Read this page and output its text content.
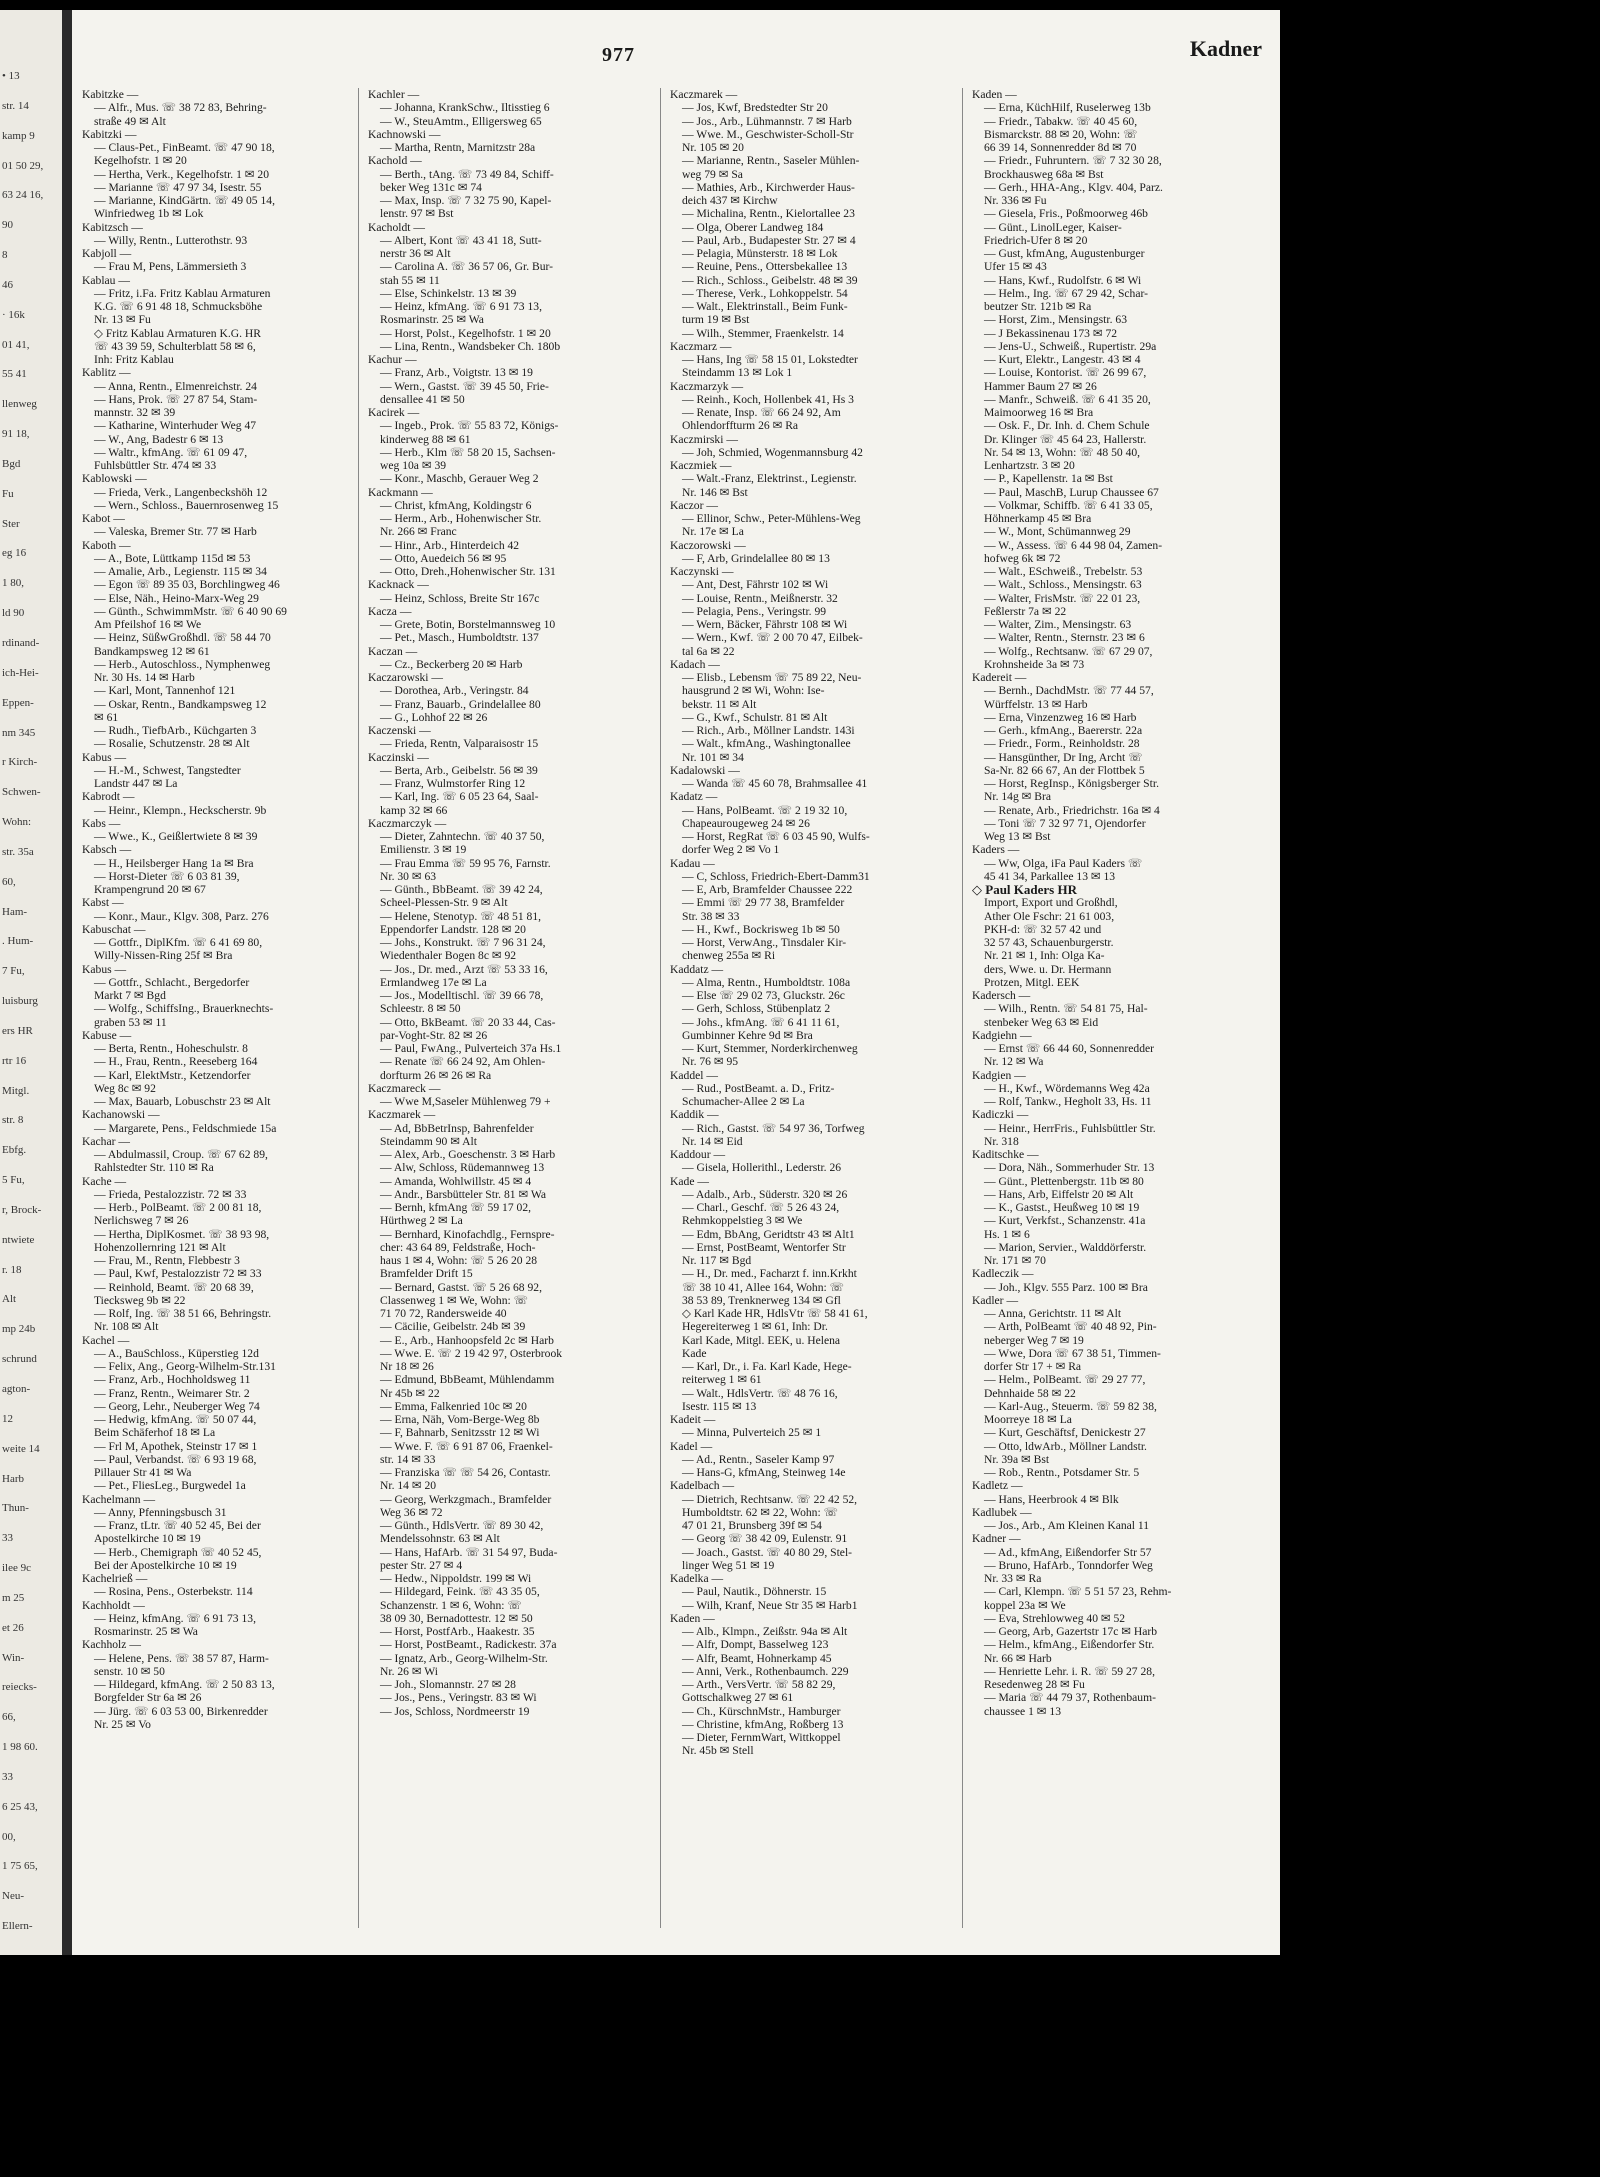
• 13
str. 14
kamp 9
01 50 29,
63 24 16,
90
8
46
· 16k
01 41,
55 41
llenweg
91 18,
Bgd
Fu
Ster
eg 16
1 80,
ld 90
rdinand-
ich-Hei-
Eppen-
nm 345
r Kirch-
Schwen-
Wohn:
str. 35a
60,
Ham-
. Hum-
7 Fu,
luisburg
ers HR
rtr 16
Mitgl.
str. 8
Ebfg.
5 Fu,
r, Brock-
ntwiete
r. 18
Alt
mp 24b
schrund
agton-
12
weite 14
Harb
Thun-
33
ilee 9c
m 25
et 26
Win-
reiecks-
66,
1 98 60.
33
6 25 43,
00,
1 75 65,
Neu-
Ellern-
977	Kadner
Kabitzke —
— Alfr., Mus. ☏ 38 72 83, Behring-
straße 49 ✉ Alt
Kabitzki —
— Claus-Pet., FinBeamt. ☏ 47 90 18,
Kegelhofstr. 1 ✉ 20
— Hertha, Verk., Kegelhofstr. 1 ✉ 20
— Marianne ☏ 47 97 34, Isestr. 55
— Marianne, KindGärtn. ☏ 49 05 14,
Winfriedweg 1b ✉ Lok
Kabitzsch —
— Willy, Rentn., Lutterothstr. 93
Kabjoll —
— Frau M, Pens, Lämmersieth 3
Kablau —
— Fritz, i.Fa. Fritz Kablau Armaturen
K.G. ☏ 6 91 48 18, Schmucksböhe
Nr. 13 ✉ Fu
◇ Fritz Kablau Armaturen K.G. HR
☏ 43 39 59, Schulterblatt 58 ✉ 6,
Inh: Fritz Kablau
Kablitz —
— Anna, Rentn., Elmenreichstr. 24
— Hans, Prok. ☏ 27 87 54, Stam-
mannstr. 32 ✉ 39
— Katharine, Winterhuder Weg 47
— W., Ang, Badestr 6 ✉ 13
— Waltr., kfmAng. ☏ 61 09 47,
Fuhlsbüttler Str. 474 ✉ 33
Kablowski —
— Frieda, Verk., Langenbeckshöh 12
— Wern., Schloss., Bauernrosenweg 15
Kabot —
— Valeska, Bremer Str. 77 ✉ Harb
Kaboth —
— A., Bote, Lüttkamp 115d ✉ 53
— Amalie, Arb., Legienstr. 115 ✉ 34
— Egon ☏ 89 35 03, Borchlingweg 46
— Else, Näh., Heino-Marx-Weg 29
— Günth., SchwimmMstr. ☏ 6 40 90 69
Am Pfeilshof 16 ✉ We
— Heinz, SüßwGroßhdl. ☏ 58 44 70
Bandkampsweg 12 ✉ 61
— Herb., Autoschloss., Nymphenweg
Nr. 30 Hs. 14 ✉ Harb
— Karl, Mont, Tannenhof 121
— Oskar, Rentn., Bandkampsweg 12
✉ 61
— Rudh., TiefbArb., Küchgarten 3
— Rosalie, Schutzenstr. 28 ✉ Alt
Kabus —
— H.-M., Schwest, Tangstedter
Landstr 447 ✉ La
Kabrodt —
— Heinr., Klempn., Heckscherstr. 9b
Kabs —
— Wwe., K., Geißlertwiete 8 ✉ 39
Kabsch —
— H., Heilsberger Hang 1a ✉ Bra
— Horst-Dieter ☏ 6 03 81 39,
Krampengrund 20 ✉ 67
Kabst —
— Konr., Maur., Klgv. 308, Parz. 276
Kabuschat —
— Gottfr., DiplKfm. ☏ 6 41 69 80,
Willy-Nissen-Ring 25f ✉ Bra
Kabus —
— Gottfr., Schlacht., Bergedorfer
Markt 7 ✉ Bgd
— Wolfg., SchiffsIng., Brauerknechts-
graben 53 ✉ 11
Kabuse —
— Berta, Rentn., Hoheschulstr. 8
— H., Frau, Rentn., Reeseberg 164
— Karl, ElektMstr., Ketzendorfer
Weg 8c ✉ 92
— Max, Bauarb, Lobuschstr 23 ✉ Alt
Kachanowski —
— Margarete, Pens., Feldschmiede 15a
Kachar —
— Abdulmassil, Croup. ☏ 67 62 89,
Rahlstedter Str. 110 ✉ Ra
Kache —
— Frieda, Pestalozzistr. 72 ✉ 33
— Herb., PolBeamt. ☏ 2 00 81 18,
Nerlichsweg 7 ✉ 26
— Hertha, DiplKosmet. ☏ 38 93 98,
Hohenzollernring 121 ✉ Alt
— Frau, M., Rentn, Flebbestr 3
— Paul, Kwf, Pestalozzistr 72 ✉ 33
— Reinhold, Beamt. ☏ 20 68 39,
Tiecksweg 9b ✉ 22
— Rolf, Ing. ☏ 38 51 66, Behringstr.
Nr. 108 ✉ Alt
Kachel —
— A., BauSchloss., Küperstieg 12d
— Felix, Ang., Georg-Wilhelm-Str.131
— Franz, Arb., Hochholdsweg 11
— Franz, Rentn., Weimarer Str. 2
— Georg, Lehr., Neuberger Weg 74
— Hedwig, kfmAng. ☏ 50 07 44,
Beim Schäferhof 18 ✉ La
— Frl M, Apothek, Steinstr 17 ✉ 1
— Paul, Verbandst. ☏ 6 93 19 68,
Pillauer Str 41 ✉ Wa
— Pet., FliesLeg., Burgwedel 1a
Kachelmann —
— Anny, Pfenningsbusch 31
— Franz, tLtr. ☏ 40 52 45, Bei der
Apostelkirche 10 ✉ 19
— Herb., Chemigraph ☏ 40 52 45,
Bei der Apostelkirche 10 ✉ 19
Kachelrieß —
— Rosina, Pens., Osterbekstr. 114
Kachholdt —
— Heinz, kfmAng. ☏ 6 91 73 13,
Rosmarinstr. 25 ✉ Wa
Kachholz —
— Helene, Pens. ☏ 38 57 87, Harm-
senstr. 10 ✉ 50
— Hildegard, kfmAng. ☏ 2 50 83 13,
Borgfelder Str 6a ✉ 26
— Jürg. ☏ 6 03 53 00, Birkenredder
Nr. 25 ✉ Vo
Kachler —
— Johanna, KrankSchw., Iltisstieg 6
— W., SteuAmtm., Elligersweg 65
Kachnowski —
— Martha, Rentn, Marnitzstr 28a
Kachold —
— Berth., tAng. ☏ 73 49 84, Schiff-
beker Weg 131c ✉ 74
— Max, Insp. ☏ 7 32 75 90, Kapel-
lenstr. 97 ✉ Bst
Kacholdt —
— Albert, Kont ☏ 43 41 18, Sutt-
nerstr 36 ✉ Alt
— Carolina A. ☏ 36 57 06, Gr. Bur-
stah 55 ✉ 11
— Else, Schinkelstr. 13 ✉ 39
— Heinz, kfmAng. ☏ 6 91 73 13,
Rosmarinstr. 25 ✉ Wa
— Horst, Polst., Kegelhofstr. 1 ✉ 20
— Lina, Rentn., Wandsbeker Ch. 180b
Kachur —
— Franz, Arb., Voigtstr. 13 ✉ 19
— Wern., Gastst. ☏ 39 45 50, Frie-
densallee 41 ✉ 50
Kacirek —
— Ingeb., Prok. ☏ 55 83 72, Königs-
kinderweg 88 ✉ 61
— Herb., Klm ☏ 58 20 15, Sachsen-
weg 10a ✉ 39
— Konr., Maschb, Gerauer Weg 2
Kackmann —
— Christ, kfmAng, Koldingstr 6
— Herm., Arb., Hohenwischer Str.
Nr. 266 ✉ Franc
— Hinr., Arb., Hinterdeich 42
— Otto, Auedeich 56 ✉ 95
— Otto, Dreh.,Hohenwischer Str. 131
Kacknack —
— Heinz, Schloss, Breite Str 167c
Kacza —
— Grete, Botin, Borstelmannsweg 10
— Pet., Masch., Humboldtstr. 137
Kaczan —
— Cz., Beckerberg 20 ✉ Harb
Kaczarowski —
— Dorothea, Arb., Veringstr. 84
— Franz, Bauarb., Grindelallee 80
— G., Lohhof 22 ✉ 26
Kaczenski —
— Frieda, Rentn, Valparaisostr 15
Kaczinski —
— Berta, Arb., Geibelstr. 56 ✉ 39
— Franz, Wulmstorfer Ring 12
— Karl, Ing. ☏ 6 05 23 64, Saal-
kamp 32 ✉ 66
Kaczmarczyk —
— Dieter, Zahntechn. ☏ 40 37 50,
Emilienstr. 3 ✉ 19
— Frau Emma ☏ 59 95 76, Farnstr.
Nr. 30 ✉ 63
— Günth., BbBeamt. ☏ 39 42 24,
Scheel-Plessen-Str. 9 ✉ Alt
— Helene, Stenotyp. ☏ 48 51 81,
Eppendorfer Landstr. 128 ✉ 20
— Johs., Konstrukt. ☏ 7 96 31 24,
Wiedenthaler Bogen 8c ✉ 92
— Jos., Dr. med., Arzt ☏ 53 33 16,
Ermlandweg 17e ✉ La
— Jos., Modelltischl. ☏ 39 66 78,
Schleestr. 8 ✉ 50
— Otto, BkBeamt. ☏ 20 33 44, Cas-
par-Voght-Str. 82 ✉ 26
— Paul, FwAng., Pulverteich 37a Hs.1
— Renate ☏ 66 24 92, Am Ohlen-
dorfturm 26 ✉ 26 ✉ Ra
Kaczmareck —
— Wwe M,Saseler Mühlenweg 79 +
Kaczmarek —
— Ad, BbBetrInsp, Bahrenfelder
Steindamm 90 ✉ Alt
— Alex, Arb., Goeschenstr. 3 ✉ Harb
— Alw, Schloss, Rüdemannweg 13
— Amanda, Wohlwillstr. 45 ✉ 4
— Andr., Barsbütteler Str. 81 ✉ Wa
— Bernh, kfmAng ☏ 59 17 02,
Hürthweg 2 ✉ La
— Bernhard, Kinofachdlg., Fernspre-
cher: 43 64 89, Feldstraße, Hoch-
haus 1 ✉ 4, Wohn: ☏ 5 26 20 28
Bramfelder Drift 15
— Bernard, Gastst. ☏ 5 26 68 92,
Classenweg 1 ✉ We, Wohn: ☏
71 70 72, Randersweide 40
— Cäcilie, Geibelstr. 24b ✉ 39
— E., Arb., Hanhoopsfeld 2c ✉ Harb
— Wwe. E. ☏ 2 19 42 97, Osterbrook
Nr 18 ✉ 26
— Edmund, BbBeamt, Mühlendamm
Nr 45b ✉ 22
— Emma, Falkenried 10c ✉ 20
— Erna, Näh, Vom-Berge-Weg 8b
— F, Bahnarb, Senitzsstr 12 ✉ Wi
— Wwe. F. ☏ 6 91 87 06, Fraenkel-
str. 14 ✉ 33
— Franziska ☏ ☏ 54 26, Contastr.
Nr. 14 ✉ 20
— Georg, Werkzgmach., Bramfelder
Weg 36 ✉ 72
— Günth., HdlsVertr. ☏ 89 30 42,
Mendelssohnstr. 63 ✉ Alt
— Hans, HafArb. ☏ 31 54 97, Buda-
pester Str. 27 ✉ 4
— Hedw., Nippoldstr. 199 ✉ Wi
— Hildegard, Feink. ☏ 43 35 05,
Schanzenstr. 1 ✉ 6, Wohn: ☏
38 09 30, Bernadottestr. 12 ✉ 50
— Horst, PostfArb., Haakestr. 35
— Horst, PostBeamt., Radickestr. 37a
— Ignatz, Arb., Georg-Wilhelm-Str.
Nr. 26 ✉ Wi
— Joh., Slomannstr. 27 ✉ 28
— Jos., Pens., Veringstr. 83 ✉ Wi
— Jos, Schloss, Nordmeerstr 19
Kaczmarek —
— Jos, Kwf, Bredstedter Str 20
— Jos., Arb., Lühmannstr. 7 ✉ Harb
— Wwe. M., Geschwister-Scholl-Str
Nr. 105 ✉ 20
— Marianne, Rentn., Saseler Mühlen-
weg 79 ✉ Sa
— Mathies, Arb., Kirchwerder Haus-
deich 437 ✉ Kirchw
— Michalina, Rentn., Kielortallee 23
— Olga, Oberer Landweg 184
— Paul, Arb., Budapester Str. 27 ✉ 4
— Pelagia, Münsterstr. 18 ✉ Lok
— Reuine, Pens., Ottersbekallee 13
— Rich., Schloss., Geibelstr. 48 ✉ 39
— Therese, Verk., Lohkoppelstr. 54
— Walt., Elektrinstall., Beim Funk-
turm 19 ✉ Bst
— Wilh., Stemmer, Fraenkelstr. 14
Kaczmarz —
— Hans, Ing ☏ 58 15 01, Lokstedter
Steindamm 13 ✉ Lok 1
Kaczmarzyk —
— Reinh., Koch, Hollenbek 41, Hs 3
— Renate, Insp. ☏ 66 24 92, Am
Ohlendorffturm 26 ✉ Ra
Kaczmirski —
— Joh, Schmied, Wogenmannsburg 42
Kaczmiek —
— Walt.-Franz, Elektrinst., Legienstr.
Nr. 146 ✉ Bst
Kaczor —
— Ellinor, Schw., Peter-Mühlens-Weg
Nr. 17e ✉ La
Kaczorowski —
— F, Arb, Grindelallee 80 ✉ 13
Kaczynski —
— Ant, Dest, Fährstr 102 ✉ Wi
— Louise, Rentn., Meißnerstr. 32
— Pelagia, Pens., Veringstr. 99
— Wern, Bäcker, Fährstr 108 ✉ Wi
— Wern., Kwf. ☏ 2 00 70 47, Eilbek-
tal 6a ✉ 22
Kadach —
— Elisb., Lebensm ☏ 75 89 22, Neu-
hausgrund 2 ✉ Wi, Wohn: Ise-
bekstr. 11 ✉ Alt
— G., Kwf., Schulstr. 81 ✉ Alt
— Rich., Arb., Möllner Landstr. 143i
— Walt., kfmAng., Washingtonallee
Nr. 101 ✉ 34
Kadalowski —
— Wanda ☏ 45 60 78, Brahmsallee 41
Kadatz —
— Hans, PolBeamt. ☏ 2 19 32 10,
Chapeaurougeweg 24 ✉ 26
— Horst, RegRat ☏ 6 03 45 90, Wulfs-
dorfer Weg 2 ✉ Vo 1
Kadau —
— C, Schloss, Friedrich-Ebert-Damm31
— E, Arb, Bramfelder Chaussee 222
— Emmi ☏ 29 77 38, Bramfelder
Str. 38 ✉ 33
— H., Kwf., Bockrisweg 1b ✉ 50
— Horst, VerwAng., Tinsdaler Kir-
chenweg 255a ✉ Ri
Kaddatz —
— Alma, Rentn., Humboldtstr. 108a
— Else ☏ 29 02 73, Gluckstr. 26c
— Gerh, Schloss, Stübenplatz 2
— Johs., kfmAng. ☏ 6 41 11 61,
Gumbinner Kehre 9d ✉ Bra
— Kurt, Stemmer, Norderkirchenweg
Nr. 76 ✉ 95
Kaddel —
— Rud., PostBeamt. a. D., Fritz-
Schumacher-Allee 2 ✉ La
Kaddik —
— Rich., Gastst. ☏ 54 97 36, Torfweg
Nr. 14 ✉ Eid
Kaddour —
— Gisela, Hollerithl., Lederstr. 26
Kade —
— Adalb., Arb., Süderstr. 320 ✉ 26
— Charl., Geschf. ☏ 5 26 43 24,
Rehmkoppelstieg 3 ✉ We
— Edm, BbAng, Geridtstr 43 ✉ Alt1
— Ernst, PostBeamt, Wentorfer Str
Nr. 117 ✉ Bgd
— H., Dr. med., Facharzt f. inn.Krkht
☏ 38 10 41, Allee 164, Wohn: ☏
38 53 89, Trenknerweg 134 ✉ Gfl
◇ Karl Kade HR, HdlsVtr ☏ 58 41 61,
Hegereiterweg 1 ✉ 61, Inh: Dr.
Karl Kade, Mitgl. EEK, u. Helena
Kade
— Karl, Dr., i. Fa. Karl Kade, Hege-
reiterweg 1 ✉ 61
— Walt., HdlsVertr. ☏ 48 76 16,
Isestr. 115 ✉ 13
Kadeit —
— Minna, Pulverteich 25 ✉ 1
Kadel —
— Ad., Rentn., Saseler Kamp 97
— Hans-G, kfmAng, Steinweg 14e
Kadelbach —
— Dietrich, Rechtsanw. ☏ 22 42 52,
Humboldtstr. 62 ✉ 22, Wohn: ☏
47 01 21, Brunsberg 39f ✉ 54
— Georg ☏ 38 42 09, Eulenstr. 91
— Joach., Gastst. ☏ 40 80 29, Stel-
linger Weg 51 ✉ 19
Kadelka —
— Paul, Nautik., Döhnerstr. 15
— Wilh, Kranf, Neue Str 35 ✉ Harb1
Kaden —
— Alb., Klmpn., Zeißstr. 94a ✉ Alt
— Alfr, Dompt, Basselweg 123
— Alfr, Beamt, Hohnerkamp 45
— Anni, Verk., Rothenbaumch. 229
— Arth., VersVertr. ☏ 58 82 29,
Gottschalkweg 27 ✉ 61
— Ch., KürschnMstr., Hamburger
— Christine, kfmAng, Roßberg 13
— Dieter, FernmWart, Wittkoppel
Nr. 45b ✉ Stell
Kaden —
— Erna, KüchHilf, Ruselerweg 13b
— Friedr., Tabakw. ☏ 40 45 60,
Bismarckstr. 88 ✉ 20, Wohn: ☏
66 39 14, Sonnenredder 8d ✉ 70
— Friedr., Fuhruntern. ☏ 7 32 30 28,
Brockhausweg 68a ✉ Bst
— Gerh., HHA-Ang., Klgv. 404, Parz.
Nr. 336 ✉ Fu
— Giesela, Fris., Poßmoorweg 46b
— Günt., LinolLeger, Kaiser-
Friedrich-Ufer 8 ✉ 20
— Gust, kfmAng, Augustenburger
Ufer 15 ✉ 43
— Hans, Kwf., Rudolfstr. 6 ✉ Wi
— Helm., Ing. ☏ 67 29 42, Schar-
beutzer Str. 121b ✉ Ra
— Horst, Zim., Mensingstr. 63
— J Bekassinenau 173 ✉ 72
— Jens-U., Schweiß., Rupertistr. 29a
— Kurt, Elektr., Langestr. 43 ✉ 4
— Louise, Kontorist. ☏ 26 99 67,
Hammer Baum 27 ✉ 26
— Manfr., Schweiß. ☏ 6 41 35 20,
Maimoorweg 16 ✉ Bra
— Osk. F., Dr. Inh. d. Chem Schule
Dr. Klinger ☏ 45 64 23, Hallerstr.
Nr. 54 ✉ 13, Wohn: ☏ 48 50 40,
Lenhartzstr. 3 ✉ 20
— P., Kapellenstr. 1a ✉ Bst
— Paul, MaschB, Lurup Chaussee 67
— Volkmar, Schiffb. ☏ 6 41 33 05,
Höhnerkamp 45 ✉ Bra
— W., Mont, Schümannweg 29
— W., Assess. ☏ 6 44 98 04, Zamen-
hofweg 6k ✉ 72
— Walt., ESchweiß., Trebelstr. 53
— Walt., Schloss., Mensingstr. 63
— Walter, FrisMstr. ☏ 22 01 23,
Feßlerstr 7a ✉ 22
— Walter, Zim., Mensingstr. 63
— Walter, Rentn., Sternstr. 23 ✉ 6
— Wolfg., Rechtsanw. ☏ 67 29 07,
Krohnsheide 3a ✉ 73
Kadereit —
— Bernh., DachdMstr. ☏ 77 44 57,
Würffelstr. 13 ✉ Harb
— Erna, Vinzenzweg 16 ✉ Harb
— Gerh., kfmAng., Baererstr. 22a
— Friedr., Form., Reinholdstr. 28
— Hansgünther, Dr Ing, Archt ☏
Sa-Nr. 82 66 67, An der Flottbek 5
— Horst, RegInsp., Königsberger Str.
Nr. 14g ✉ Bra
— Renate, Arb., Friedrichstr. 16a ✉ 4
— Toni ☏ 7 32 97 71, Ojendorfer
Weg 13 ✉ Bst
Kaders —
— Ww, Olga, iFa Paul Kaders ☏
45 41 34, Parkallee 13 ✉ 13
◇ Paul Kaders HR
Import, Export und Großhdl,
Ather Ole Fschr: 21 61 003,
PKH-d: ☏ 32 57 42 und
32 57 43, Schauenburgerstr.
Nr. 21 ✉ 1, Inh: Olga Ka-
ders, Wwe. u. Dr. Hermann
Protzen, Mitgl. EEK
Kadersch —
— Wilh., Rentn. ☏ 54 81 75, Hal-
stenbeker Weg 63 ✉ Eid
Kadgiehn —
— Ernst ☏ 66 44 60, Sonnenredder
Nr. 12 ✉ Wa
Kadgien —
— H., Kwf., Wördemanns Weg 42a
— Rolf, Tankw., Hegholt 33, Hs. 11
Kadiczki —
— Heinr., HerrFris., Fuhlsbüttler Str.
Nr. 318
Kaditschke —
— Dora, Näh., Sommerhuder Str. 13
— Günt., Plettenbergstr. 11b ✉ 80
— Hans, Arb, Eiffelstr 20 ✉ Alt
— K., Gastst., Heußweg 10 ✉ 19
— Kurt, Verkfst., Schanzenstr. 41a
Hs. 1 ✉ 6
— Marion, Servier., Walddörferstr.
Nr. 171 ✉ 70
Kadleczik —
— Joh., Klgv. 555 Parz. 100 ✉ Bra
Kadler —
— Anna, Gerichtstr. 11 ✉ Alt
— Arth, PolBeamt ☏ 40 48 92, Pin-
neberger Weg 7 ✉ 19
— Wwe, Dora ☏ 67 38 51, Timmen-
dorfer Str 17 + ✉ Ra
— Helm., PolBeamt. ☏ 29 27 77,
Dehnhaide 58 ✉ 22
— Karl-Aug., Steuerm. ☏ 59 82 38,
Moorreye 18 ✉ La
— Kurt, Geschäftsf, Denickestr 27
— Otto, ldwArb., Möllner Landstr.
Nr. 39a ✉ Bst
— Rob., Rentn., Potsdamer Str. 5
Kadletz —
— Hans, Heerbrook 4 ✉ Blk
Kadlubek —
— Jos., Arb., Am Kleinen Kanal 11
Kadner —
— Ad., kfmAng, Eißendorfer Str 57
— Bruno, HafArb., Tonndorfer Weg
Nr. 33 ✉ Ra
— Carl, Klempn. ☏ 5 51 57 23, Rehm-
koppel 23a ✉ We
— Eva, Strehlowweg 40 ✉ 52
— Georg, Arb, Gazertstr 17c ✉ Harb
— Helm., kfmAng., Eißendorfer Str.
Nr. 66 ✉ Harb
— Henriette Lehr. i. R. ☏ 59 27 28,
Resedenweg 28 ✉ Fu
— Maria ☏ 44 79 37, Rothenbaum-
chaussee 1 ✉ 13
